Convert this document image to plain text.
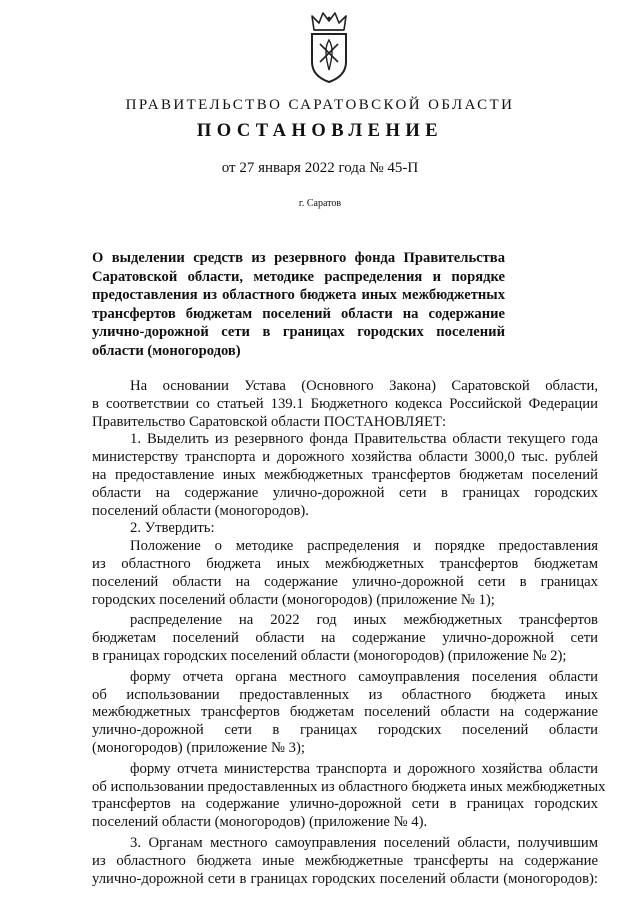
ПРАВИТЕЛЬСТВО САРАТОВСКОЙ ОБЛАСТИ
ПОСТАНОВЛЕНИЕ
от 27 января 2022 года № 45-П
г. Саратов
О выделении средств из резервного фонда Правительства
Саратовской области, методике распределения и порядке
предоставления из областного бюджета иных межбюджетных
трансфертов бюджетам поселений области на содержание
улично-дорожной сети в границах городских поселений
области (моногородов)

На основании Устава (Основного Закона) Саратовской области,
в соответствии со статьей 139.1 Бюджетного кодекса Российской Федерации
Правительство Саратовской области ПОСТАНОВЛЯЕТ:

1. Выделить из резервного фонда Правительства области текущего года
министерству транспорта и дорожного хозяйства области 3000,0 тыс. рублей
на предоставление иных межбюджетных трансфертов бюджетам поселений
области на содержание улично-дорожной сети в границах городских
поселений области (моногородов).

2. Утвердить:

Положение о методике распределения и порядке предоставления
из областного бюджета иных межбюджетных трансфертов бюджетам
поселений области на содержание улично-дорожной сети в границах
городских поселений области (моногородов) (приложение № 1);

распределение на 2022 год иных межбюджетных трансфертов
бюджетам поселений области на содержание улично-дорожной сети
в границах городских поселений области (моногородов) (приложение № 2);

форму отчета органа местного самоуправления поселения области
об использовании предоставленных из областного бюджета иных
межбюджетных трансфертов бюджетам поселений области на содержание
улично-дорожной сети в границах городских поселений области
(моногородов) (приложение № 3);

форму отчета министерства транспорта и дорожного хозяйства области
об использовании предоставленных из областного бюджета иных межбюджетных
трансфертов на содержание улично-дорожной сети в границах городских
поселений области (моногородов) (приложение № 4).

3. Органам местного самоуправления поселений области, получившим
из областного бюджета иные межбюджетные трансферты на содержание
улично-дорожной сети в границах городских поселений области (моногородов):
